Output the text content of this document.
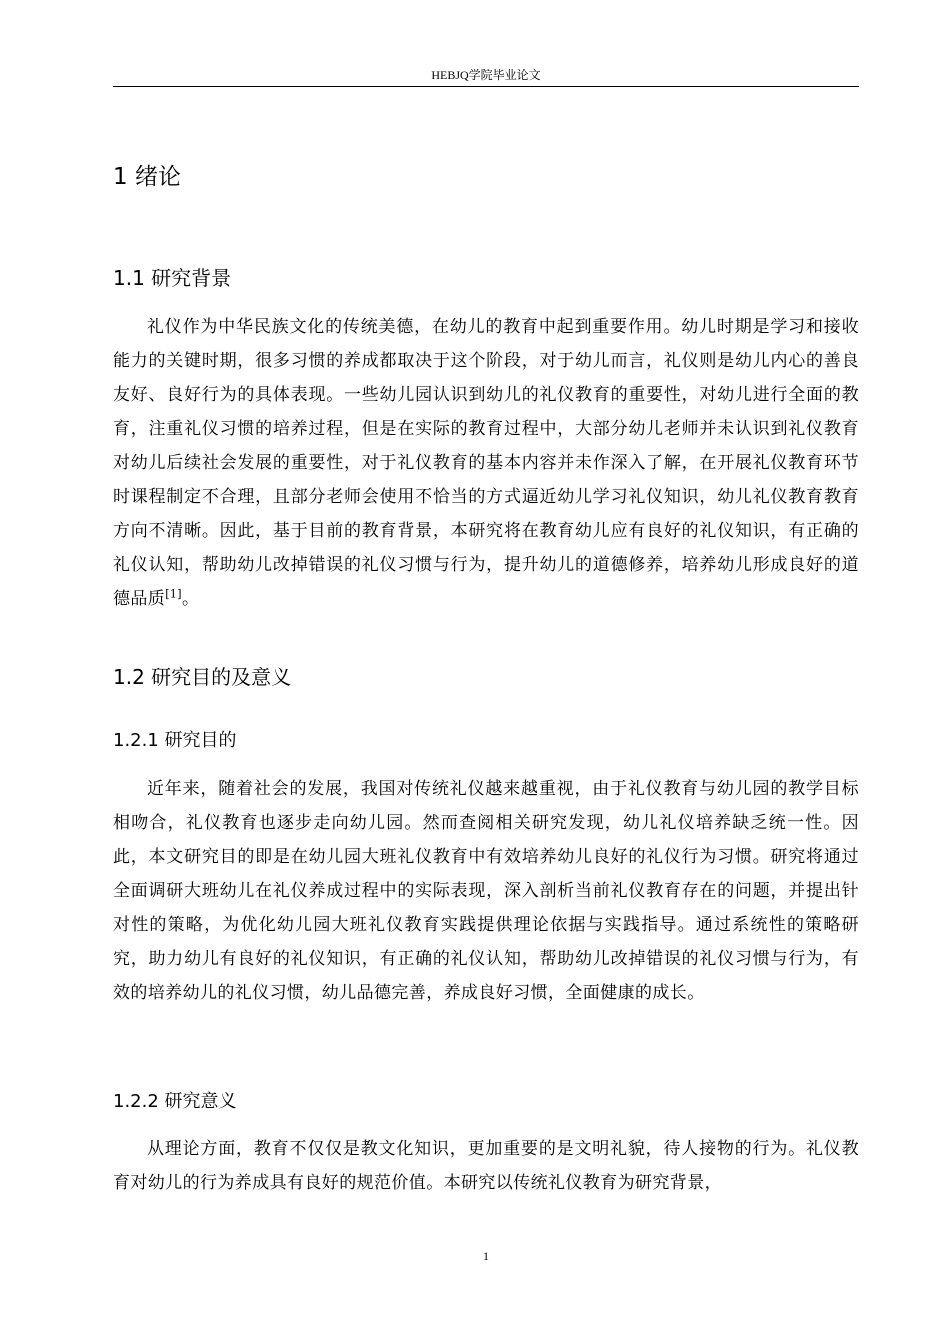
HEBJQ学院毕业论文
1 绪论
1.1 研究背景

礼仪作为中华民族文化的传统美德，在幼儿的教育中起到重要作用。幼儿时期是学习和接收能力的关键时期，很多习惯的养成都取决于这个阶段，对于幼儿而言，礼仪则是幼儿内心的善良友好、良好行为的具体表现。一些幼儿园认识到幼儿的礼仪教育的重要性，对幼儿进行全面的教育，注重礼仪习惯的培养过程，但是在实际的教育过程中，大部分幼儿老师并未认识到礼仪教育对幼儿后续社会发展的重要性，对于礼仪教育的基本内容并未作深入了解，在开展礼仪教育环节时课程制定不合理，且部分老师会使用不恰当的方式逼近幼儿学习礼仪知识，幼儿礼仪教育教育方向不清晰。因此，基于目前的教育背景，本研究将在教育幼儿应有良好的礼仪知识，有正确的礼仪认知，帮助幼儿改掉错误的礼仪习惯与行为，提升幼儿的道德修养，培养幼儿形成良好的道德品质[1]。

1.2 研究目的及意义
1.2.1 研究目的

近年来，随着社会的发展，我国对传统礼仪越来越重视，由于礼仪教育与幼儿园的教学目标相吻合，礼仪教育也逐步走向幼儿园。然而查阅相关研究发现，幼儿礼仪培养缺乏统一性。因此，本文研究目的即是在幼儿园大班礼仪教育中有效培养幼儿良好的礼仪行为习惯。研究将通过全面调研大班幼儿在礼仪养成过程中的实际表现，深入剖析当前礼仪教育存在的问题，并提出针对性的策略，为优化幼儿园大班礼仪教育实践提供理论依据与实践指导。通过系统性的策略研究，助力幼儿有良好的礼仪知识，有正确的礼仪认知，帮助幼儿改掉错误的礼仪习惯与行为，有效的培养幼儿的礼仪习惯，幼儿品德完善，养成良好习惯，全面健康的成长。

1.2.2 研究意义

从理论方面，教育不仅仅是教文化知识，更加重要的是文明礼貌，待人接物的行为。礼仪教育对幼儿的行为养成具有良好的规范价值。本研究以传统礼仪教育为研究背景，

1
